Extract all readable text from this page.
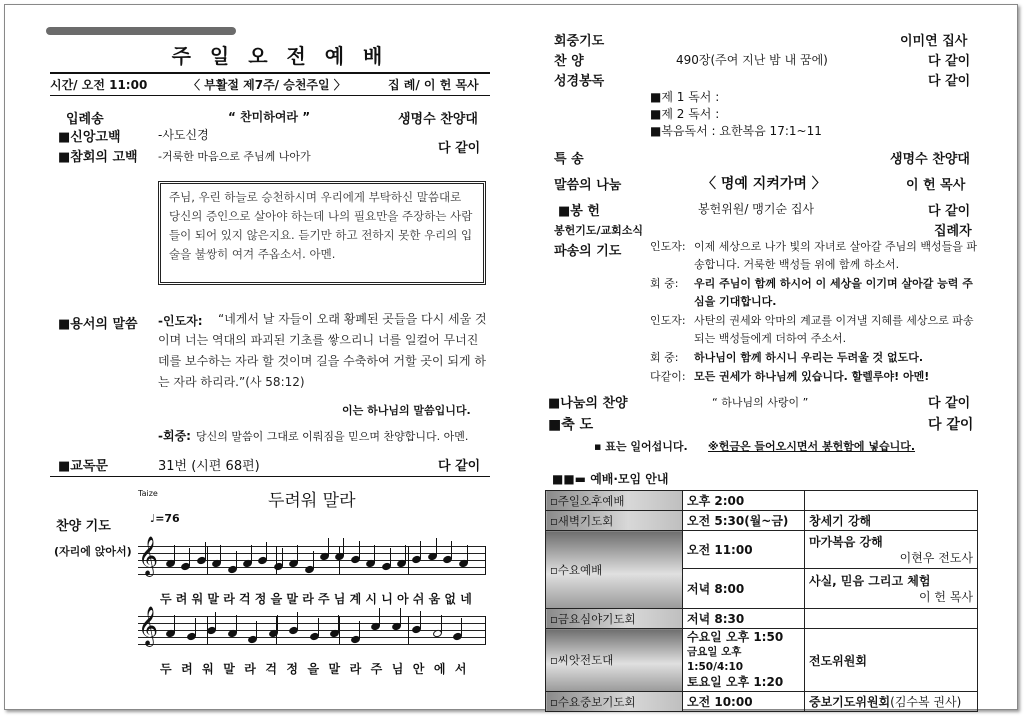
주 일 오 전 예 배
시간/ 오전 11:00	〈 부활절 제7주/ 승천주일 〉	집 례/ 이 헌 목사
입례송	“ 찬미하여라 ”	생명수 찬양대
■신앙고백	-사도신경
■참회의 고백 -거룩한 마음으로 주님께 나아가
다 같이
주님, 우린 하늘로 승천하시며 우리에게 부탁하신 말씀대로 당신의 증인으로 살아야 하는데 나의 필요만을 주장하는 사람들이 되어 있지 않은지요. 듣기만 하고 전하지 못한 우리의 입술을 불쌍히 여겨 주옵소서. 아멘.
■용서의 말씀 -인도자:	“네게서 날 자들이 오래 황폐된 곳들을 다시 세울 것이며 너는 역대의 파괴된 기초를 쌓으리니 너를 일컬어 무너진 데를 보수하는 자라 할 것이며 길을 수축하여 거할 곳이 되게 하는 자라 하리라.”(사 58:12)
이는 하나님의 말씀입니다.
-회중: 당신의 말씀이 그대로 이뤄짐을 믿으며 찬양합니다. 아멘.
■교독문	31번 (시편 68편)	다 같이
Taize	두려워 말라
찬양 기도
♩=76
(자리에 앉아서) 𝄞
두 려 워 말 라 걱 정 을 말 라 주 님 계 시 니 아 쉬 움 없 네
𝄞
두 려 워 말 라 걱 정 을 말 라 주 님 안 에 서
회중기도	이미연 집사
찬 양	490장(주여 지난 밤 내 꿈에)	다 같이
성경봉독	다 같이
■제 1 독서 :
■제 2 독서 :
■복음독서 : 요한복음 17:1~11
특 송	생명수 찬양대
말씀의 나눔	〈 명예 지켜가며 〉	이 헌 목사
■봉 헌	봉헌위원/ 맹기순 집사	다 같이
봉헌기도/교회소식	집례자
파송의 기도	인도자: 이제 세상으로 나가 빛의 자녀로 살아갈 주님의 백성들을 파송합니다. 거룩한 백성들 위에 함께 하소서.
회 중:	우리 주님이 함께 하시어 이 세상을 이기며 살아갈 능력 주심을 기대합니다.
인도자: 사탄의 권세와 악마의 계교를 이겨낼 지혜를 세상으로 파송되는 백성들에게 더하여 주소서.
회 중:	하나님이 함께 하시니 우리는 두려울 것 없도다.
다같이: 모든 권세가 하나님께 있습니다. 할렐루야! 아멘!
■나눔의 찬양	“ 하나님의 사랑이 ”	다 같이
■축 도	다 같이
▪ 표는 일어섭니다. ※헌금은 들어오시면서 봉헌함에 넣습니다.
■■▬ 예배·모임 안내
▫주일오후예배	오후 2:00	
▫새벽기도회	오전 5:30(월~금)	창세기 강해
▫수요예배	오전 11:00	마가복음 강해
이현우 전도사

	저녁 8:00	사실, 믿음 그리고 체험
이 헌 목사

▫금요심야기도회	저녁 8:30	
▫씨앗전도대	수요일 오후 1:50
금요일 오후 1:50/4:10
토요일 오후 1:20	전도위원회
▫수요중보기도회	오전 10:00	중보기도위원회(김수복 권사)
